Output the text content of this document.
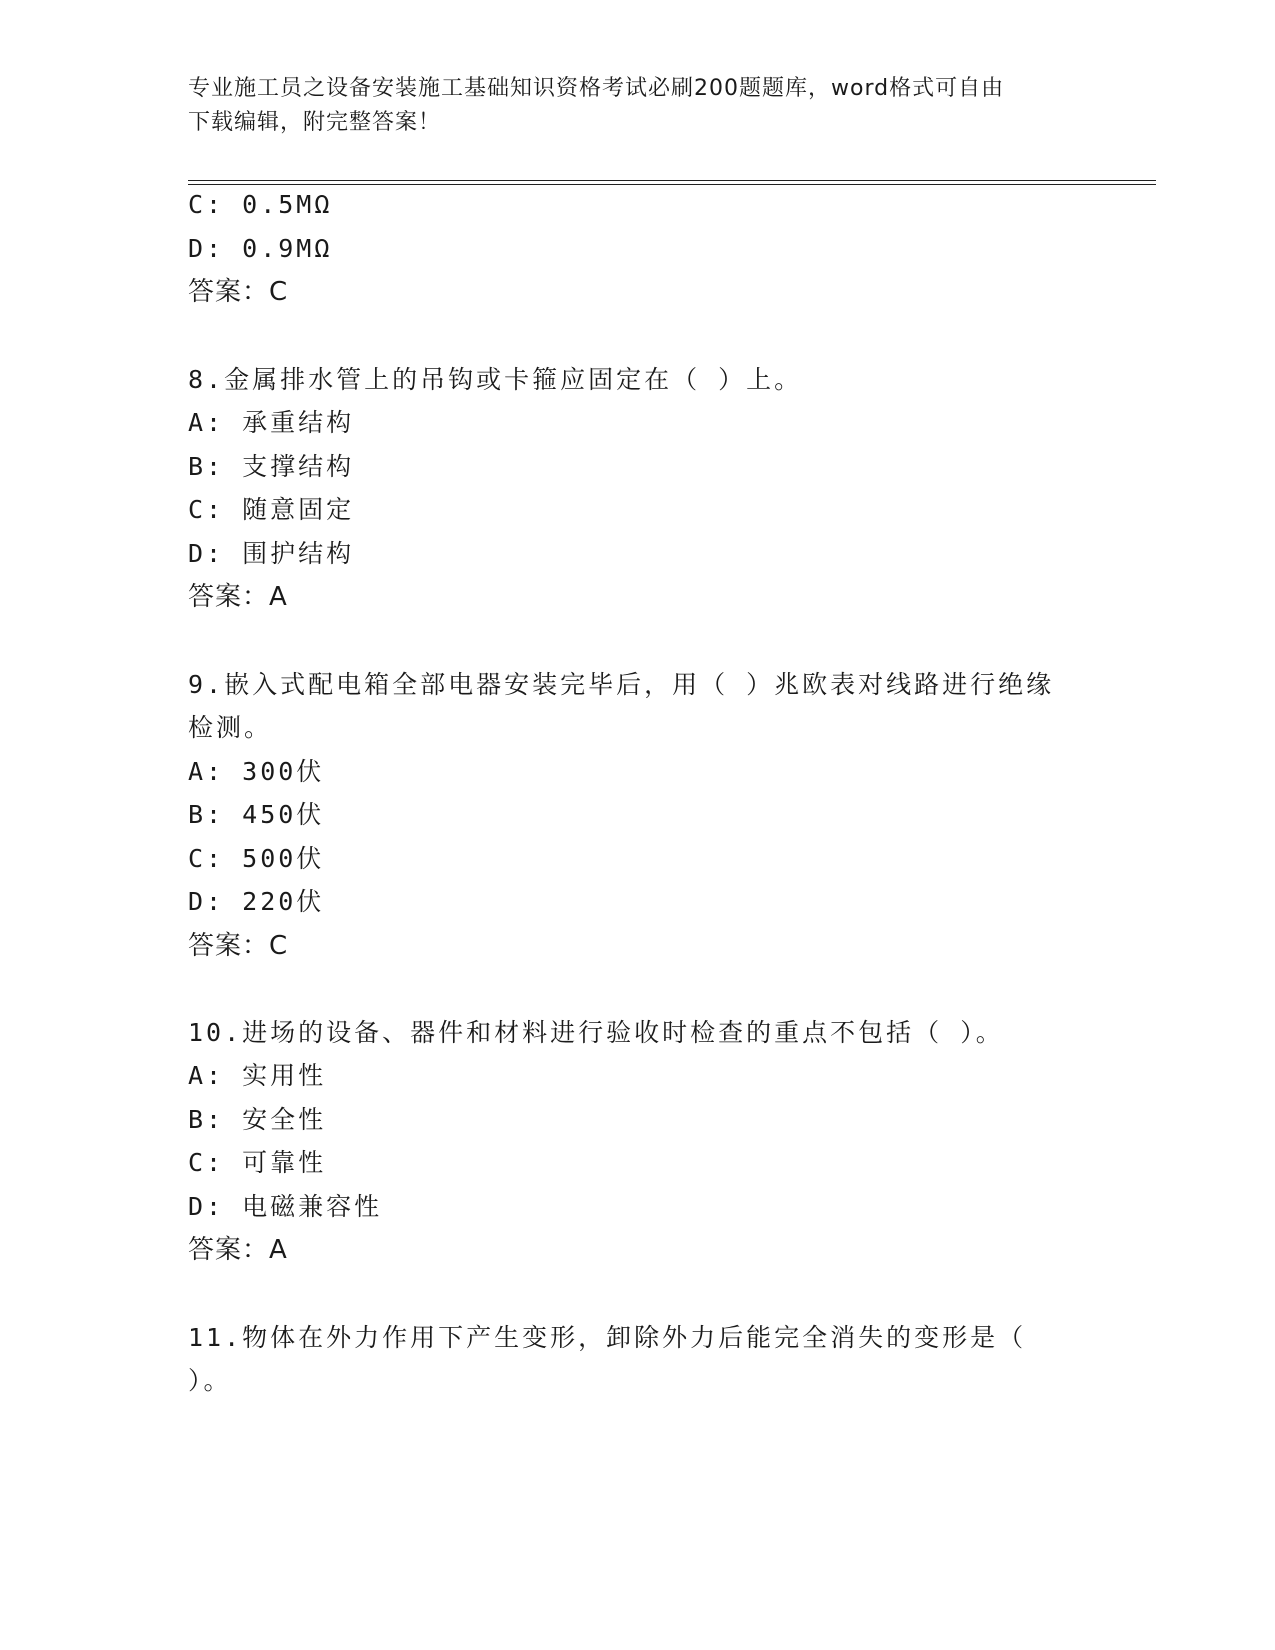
专业施工员之设备安装施工基础知识资格考试必刷200题题库，word格式可自由
下载编辑，附完整答案！
C: 0.5MΩ
D: 0.9MΩ
答案：C
8.金属排水管上的吊钩或卡箍应固定在（ ）上。
A: 承重结构
B: 支撑结构
C: 随意固定
D: 围护结构
答案：A
9.嵌入式配电箱全部电器安装完毕后，用（ ）兆欧表对线路进行绝缘
检测。
A: 300伏
B: 450伏
C: 500伏
D: 220伏
答案：C
10.进场的设备、器件和材料进行验收时检查的重点不包括（ ）。
A: 实用性
B: 安全性
C: 可靠性
D: 电磁兼容性
答案：A
11.物体在外力作用下产生变形，卸除外力后能完全消失的变形是（
）。
